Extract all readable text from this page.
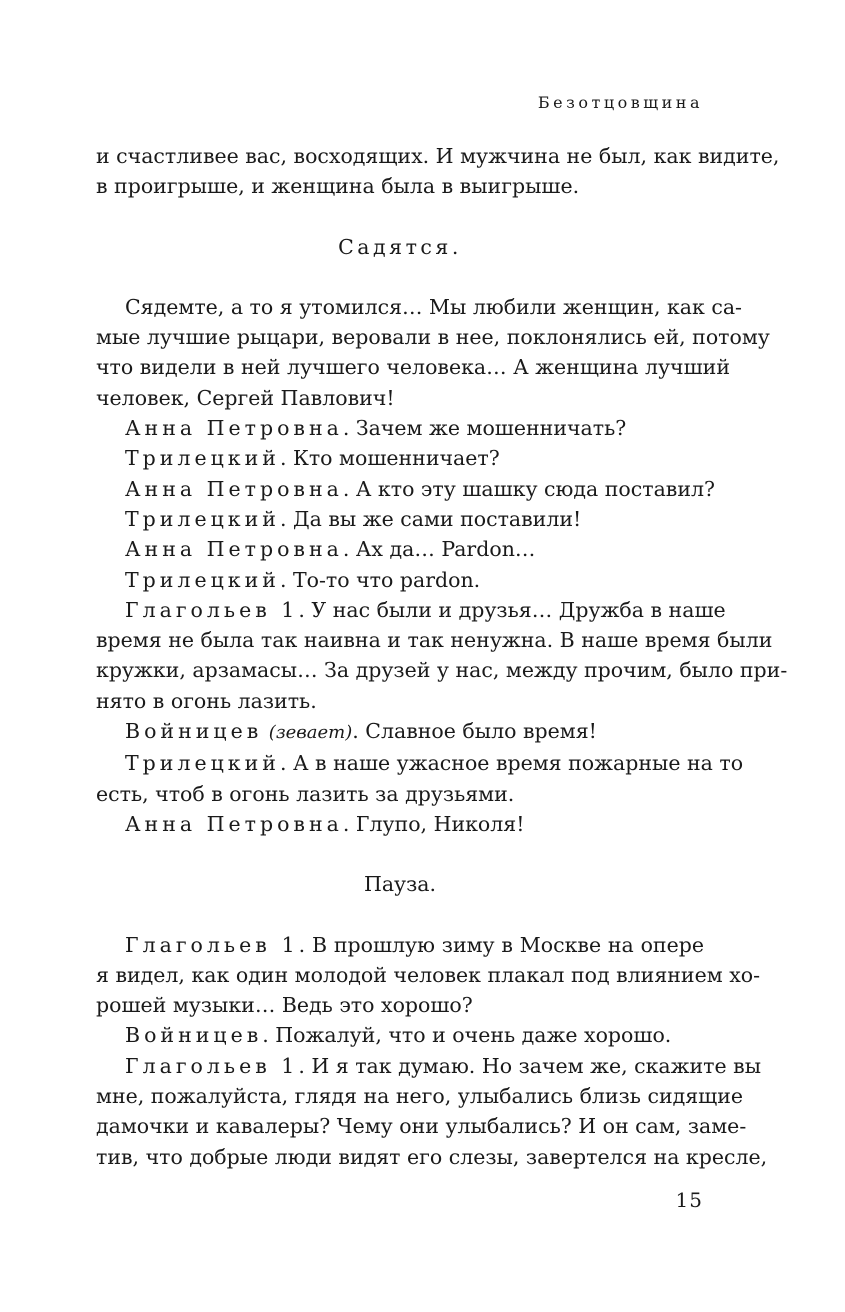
Безотцовщина
и счастливее вас, восходящих. И мужчина не был, как видите,
в проигрыше, и женщина была в выигрыше.
Садятся.
Сядемте, а то я утомился… Мы любили женщин, как са-
мые лучшие рыцари, веровали в нее, поклонялись ей, потому
что видели в ней лучшего человека… А женщина лучший
человек, Сергей Павлович!
Анна Петровна. Зачем же мошенничать?
Трилецкий. Кто мошенничает?
Анна Петровна. А кто эту шашку сюда поставил?
Трилецкий. Да вы же сами поставили!
Анна Петровна. Ах да… Pardon…
Трилецкий. То-то что pardon.
Глагольев 1. У нас были и друзья… Дружба в наше
время не была так наивна и так ненужна. В наше время были
кружки, арзамасы… За друзей у нас, между прочим, было при-
нято в огонь лазить.
Войницев (зевает). Славное было время!
Трилецкий. А в наше ужасное время пожарные на то
есть, чтоб в огонь лазить за друзьями.
Анна Петровна. Глупо, Николя!
Пауза.
Глагольев 1. В прошлую зиму в Москве на опере
я видел, как один молодой человек плакал под влиянием хо-
рошей музыки… Ведь это хорошо?
Войницев. Пожалуй, что и очень даже хорошо.
Глагольев 1. И я так думаю. Но зачем же, скажите вы
мне, пожалуйста, глядя на него, улыбались близь сидящие
дамочки и кавалеры? Чему они улыбались? И он сам, заме-
тив, что добрые люди видят его слезы, завертелся на кресле,
15
